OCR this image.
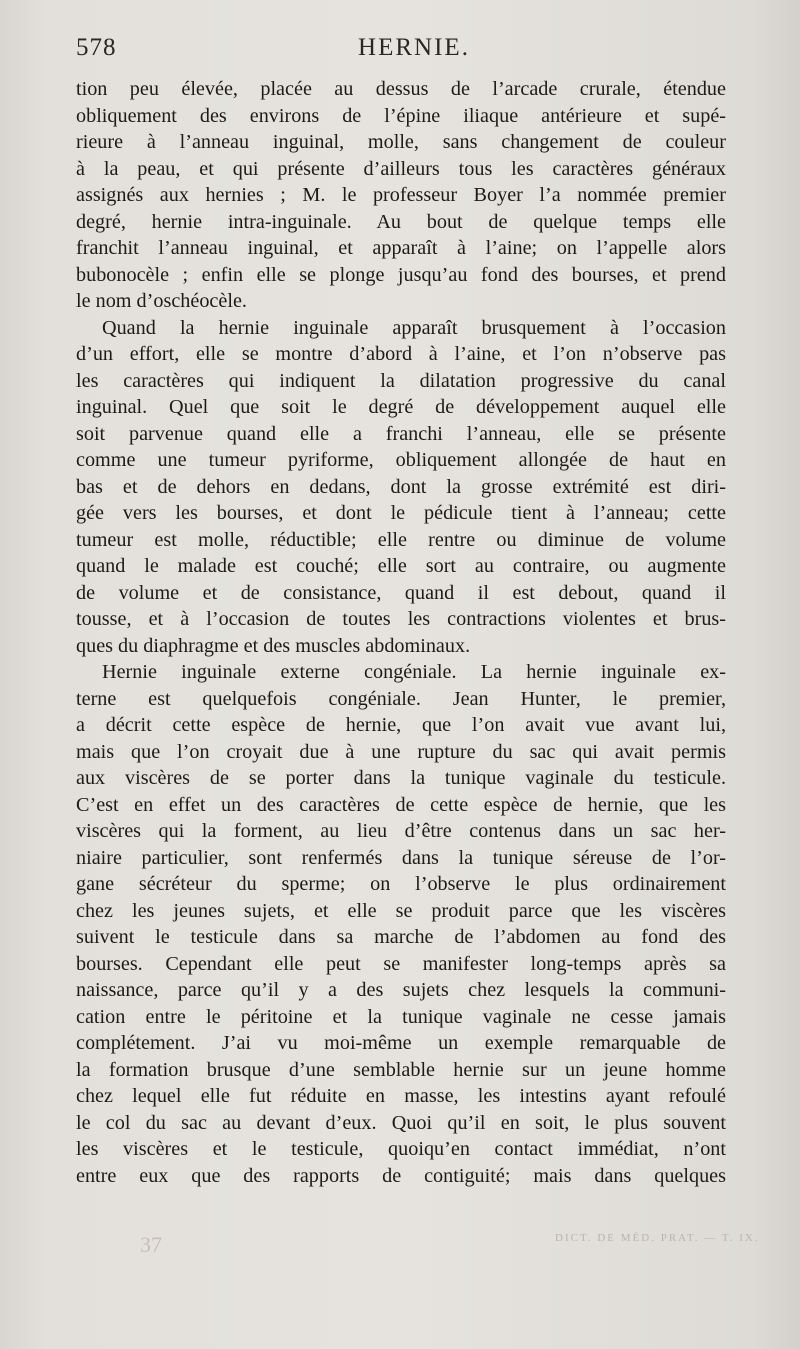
578	HERNIE.
tion peu élevée, placée au dessus de l’arcade crurale, étendue
obliquement des environs de l’épine iliaque antérieure et supé-
rieure à l’anneau inguinal, molle, sans changement de couleur
à la peau, et qui présente d’ailleurs tous les caractères généraux
assignés aux hernies ; M. le professeur Boyer l’a nommée premier
degré, hernie intra-inguinale. Au bout de quelque temps elle
franchit l’anneau inguinal, et apparaît à l’aine; on l’appelle alors
bubonocèle ; enfin elle se plonge jusqu’au fond des bourses, et prend
le nom d’oschéocèle.
Quand la hernie inguinale apparaît brusquement à l’occasion
d’un effort, elle se montre d’abord à l’aine, et l’on n’observe pas
les caractères qui indiquent la dilatation progressive du canal
inguinal. Quel que soit le degré de développement auquel elle
soit parvenue quand elle a franchi l’anneau, elle se présente
comme une tumeur pyriforme, obliquement allongée de haut en
bas et de dehors en dedans, dont la grosse extrémité est diri-
gée vers les bourses, et dont le pédicule tient à l’anneau; cette
tumeur est molle, réductible; elle rentre ou diminue de volume
quand le malade est couché; elle sort au contraire, ou augmente
de volume et de consistance, quand il est debout, quand il
tousse, et à l’occasion de toutes les contractions violentes et brus-
ques du diaphragme et des muscles abdominaux.
Hernie inguinale externe congéniale. La hernie inguinale ex-
terne est quelquefois congéniale. Jean Hunter, le premier,
a décrit cette espèce de hernie, que l’on avait vue avant lui,
mais que l’on croyait due à une rupture du sac qui avait permis
aux viscères de se porter dans la tunique vaginale du testicule.
C’est en effet un des caractères de cette espèce de hernie, que les
viscères qui la forment, au lieu d’être contenus dans un sac her-
niaire particulier, sont renfermés dans la tunique séreuse de l’or-
gane sécréteur du sperme; on l’observe le plus ordinairement
chez les jeunes sujets, et elle se produit parce que les viscères
suivent le testicule dans sa marche de l’abdomen au fond des
bourses. Cependant elle peut se manifester long-temps après sa
naissance, parce qu’il y a des sujets chez lesquels la communi-
cation entre le péritoine et la tunique vaginale ne cesse jamais
complétement. J’ai vu moi-même un exemple remarquable de
la formation brusque d’une semblable hernie sur un jeune homme
chez lequel elle fut réduite en masse, les intestins ayant refoulé
le col du sac au devant d’eux. Quoi qu’il en soit, le plus souvent
les viscères et le testicule, quoiqu’en contact immédiat, n’ont
entre eux que des rapports de contiguité; mais dans quelques
37	DICT. DE MÉD. PRAT. — T. IX.
